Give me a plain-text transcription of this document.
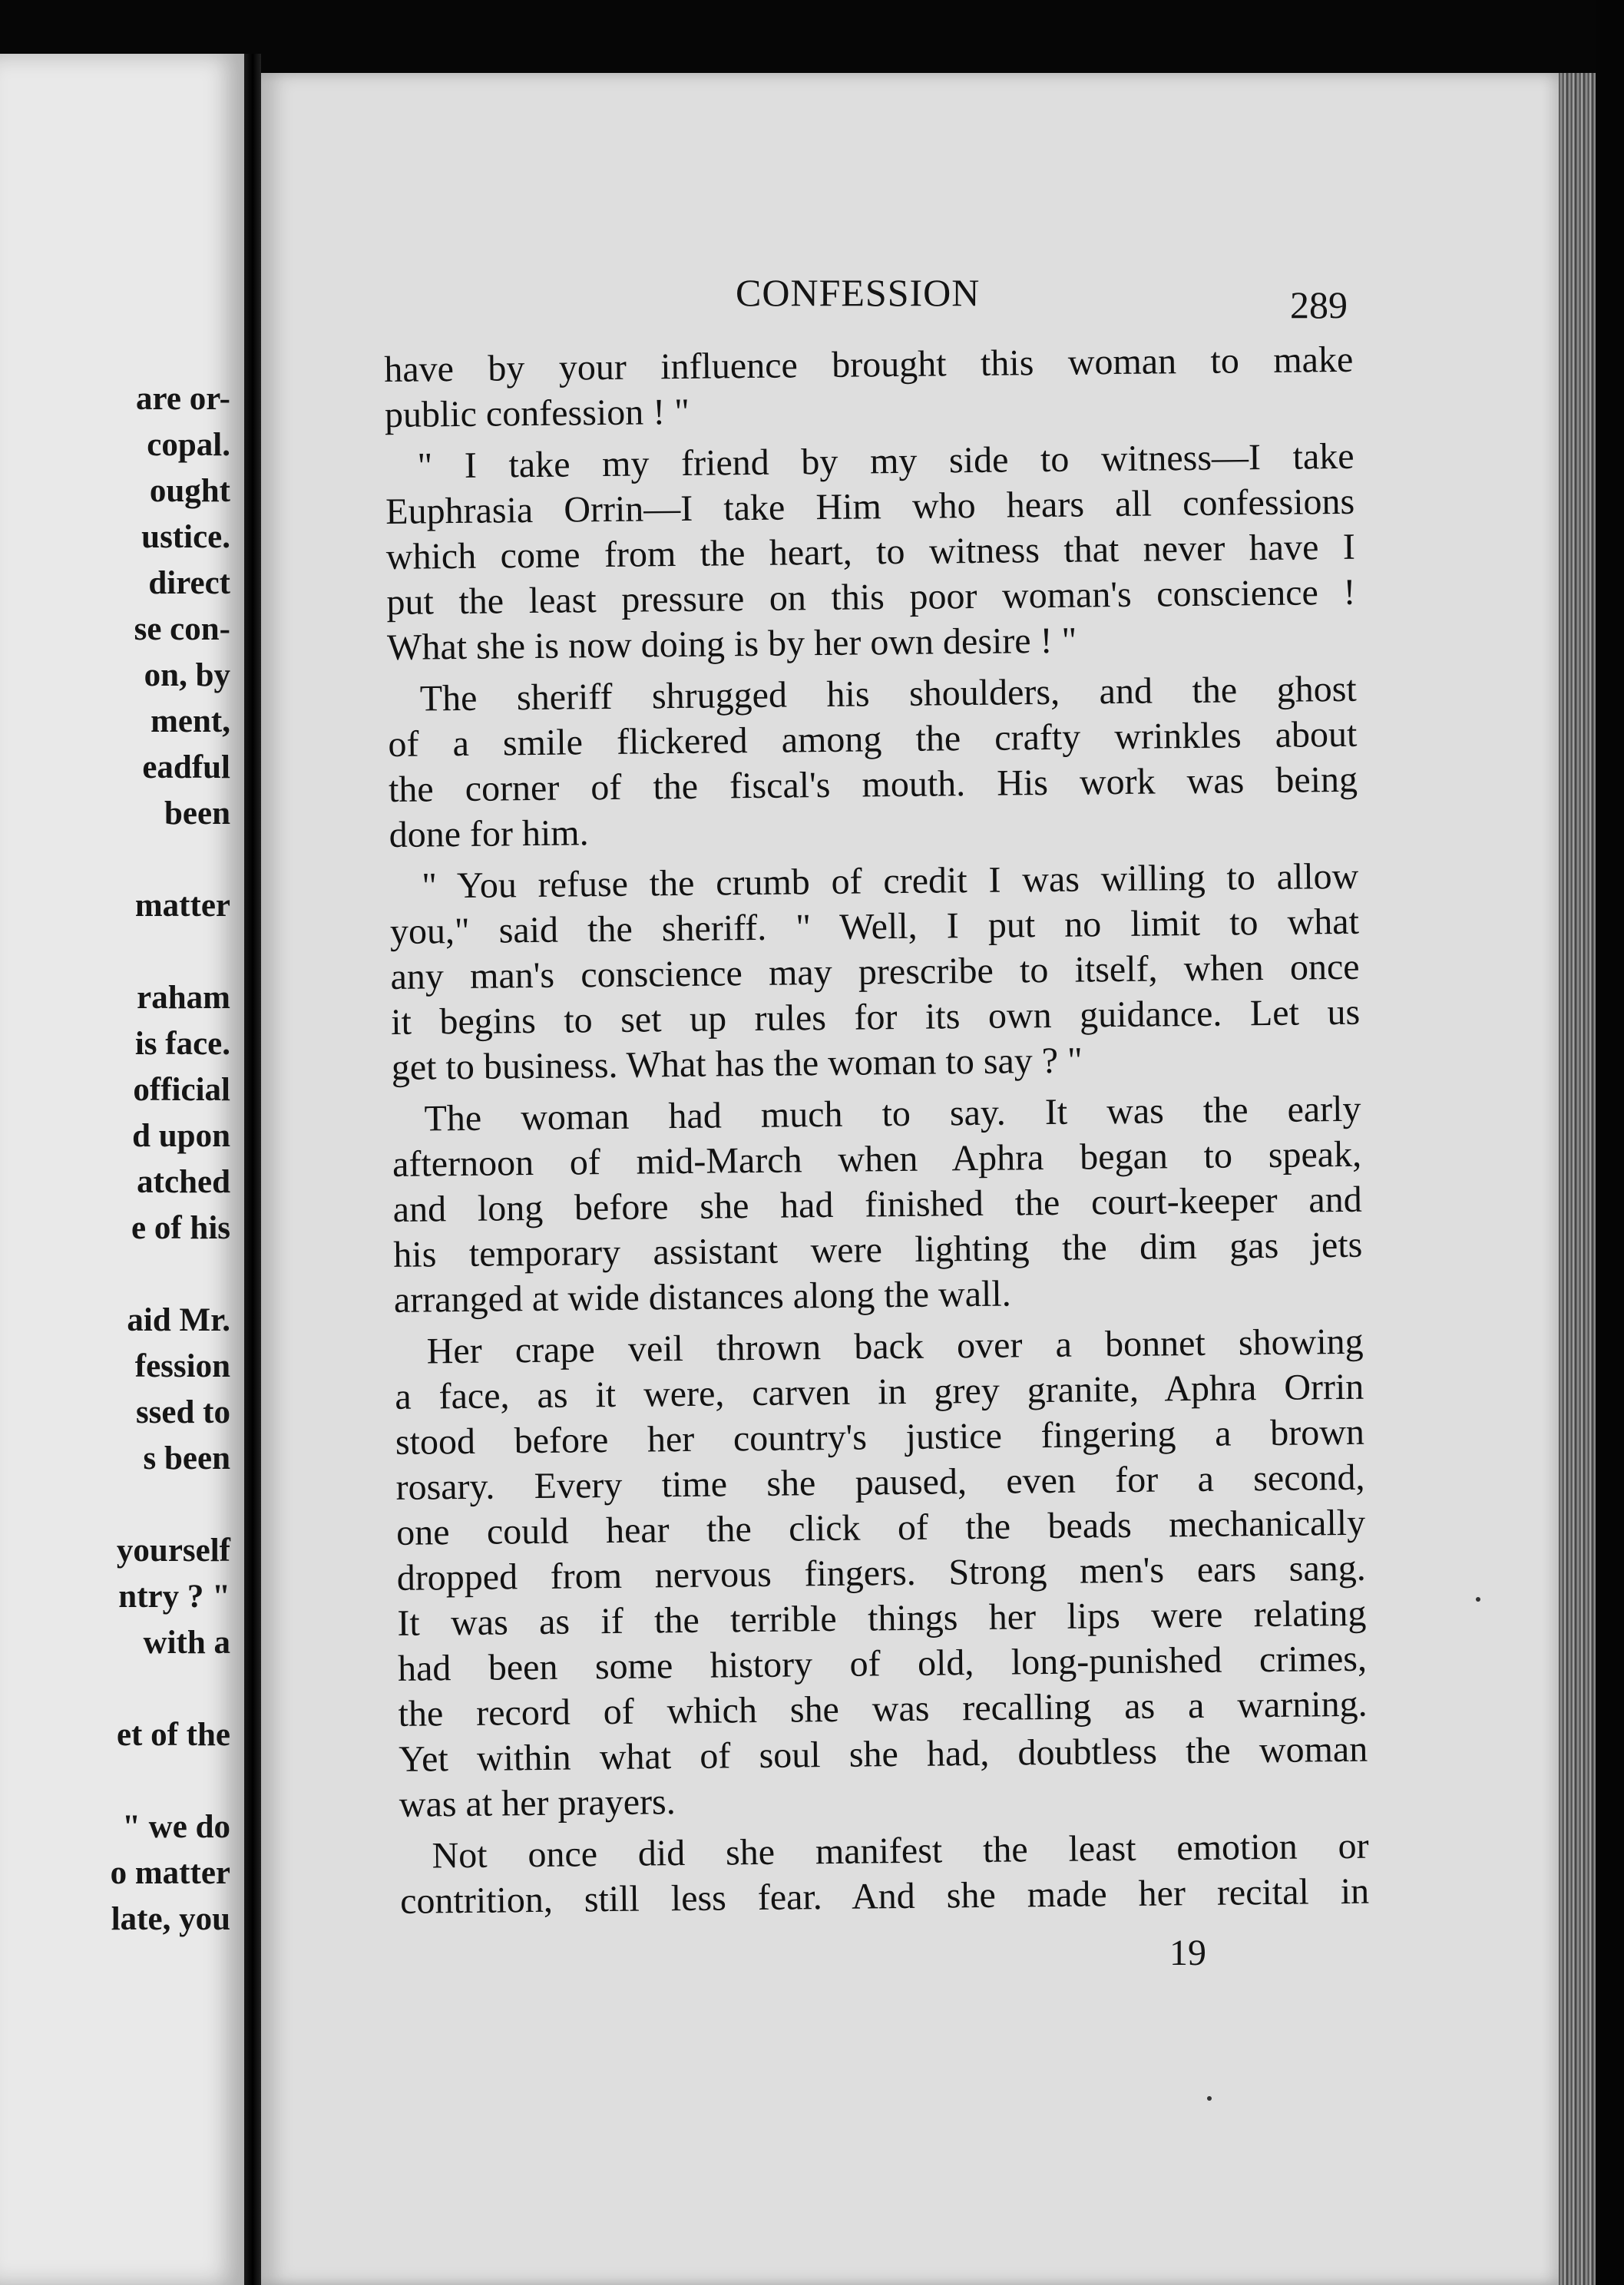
are or-
copal.
ought
ustice.
direct
se con-
on, by
ment,
eadful
been
matter
raham
is face.
official
d upon
atched
e of his
aid Mr.
fession
ssed to
s been
yourself
ntry ? "
with a
et of the
" we do
o matter
late, you
CONFESSION	289
have by your influence brought this woman to make
public confession ! "
" I take my friend by my side to witness—I take
Euphrasia Orrin—I take Him who hears all confessions
which come from the heart, to witness that never have I
put the least pressure on this poor woman's conscience !
What she is now doing is by her own desire ! "
The sheriff shrugged his shoulders, and the ghost
of a smile flickered among the crafty wrinkles about
the corner of the fiscal's mouth. His work was being
done for him.
" You refuse the crumb of credit I was willing to allow
you," said the sheriff. " Well, I put no limit to what
any man's conscience may prescribe to itself, when once
it begins to set up rules for its own guidance. Let us
get to business. What has the woman to say ? "
The woman had much to say. It was the early
afternoon of mid-March when Aphra began to speak,
and long before she had finished the court-keeper and
his temporary assistant were lighting the dim gas jets
arranged at wide distances along the wall.
Her crape veil thrown back over a bonnet showing
a face, as it were, carven in grey granite, Aphra Orrin
stood before her country's justice fingering a brown
rosary. Every time she paused, even for a second,
one could hear the click of the beads mechanically
dropped from nervous fingers. Strong men's ears sang.
It was as if the terrible things her lips were relating
had been some history of old, long-punished crimes,
the record of which she was recalling as a warning.
Yet within what of soul she had, doubtless the woman
was at her prayers.
Not once did she manifest the least emotion or
contrition, still less fear. And she made her recital in
19
